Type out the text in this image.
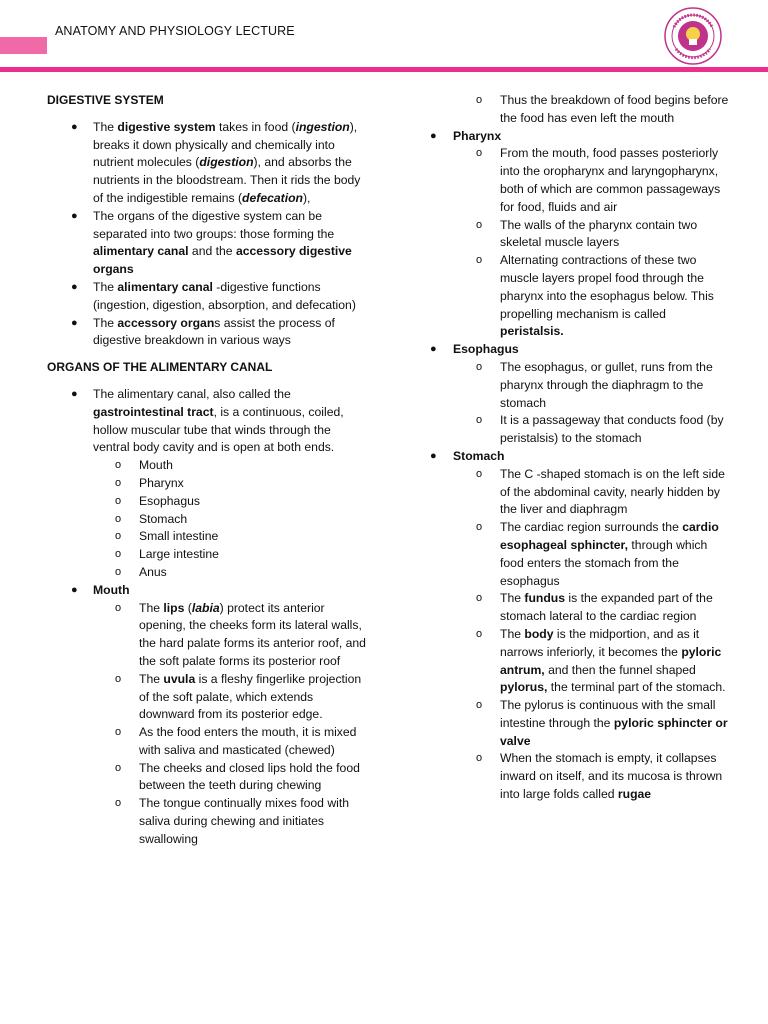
ANATOMY AND PHYSIOLOGY LECTURE

DIGESTIVE SYSTEM

● The digestive system takes in food (ingestion), breaks it down physically and chemically into nutrient molecules (digestion), and absorbs the nutrients in the bloodstream. Then it rids the body of the indigestible remains (defecation),
● The organs of the digestive system can be separated into two groups: those forming the alimentary canal and the accessory digestive organs
● The alimentary canal -digestive functions (ingestion, digestion, absorption, and defecation)
● The accessory organs assist the process of digestive breakdown in various ways

ORGANS OF THE ALIMENTARY CANAL

● The alimentary canal, also called the gastrointestinal tract, is a continuous, coiled, hollow muscular tube that winds through the ventral body cavity and is open at both ends.
o Mouth
o Pharynx
o Esophagus
o Stomach
o Small intestine
o Large intestine
o Anus
● Mouth
o The lips (labia) protect its anterior opening, the cheeks form its lateral walls, the hard palate forms its anterior roof, and the soft palate forms its posterior roof
o The uvula is a fleshy fingerlike projection of the soft palate, which extends downward from its posterior edge.
o As the food enters the mouth, it is mixed with saliva and masticated (chewed)
o The cheeks and closed lips hold the food between the teeth during chewing
o The tongue continually mixes food with saliva during chewing and initiates swallowing
o Thus the breakdown of food begins before the food has even left the mouth
● Pharynx
o From the mouth, food passes posteriorly into the oropharynx and laryngopharynx, both of which are common passageways for food, fluids and air
o The walls of the pharynx contain two skeletal muscle layers
o Alternating contractions of these two muscle layers propel food through the pharynx into the esophagus below. This propelling mechanism is called peristalsis.
● Esophagus
o The esophagus, or gullet, runs from the pharynx through the diaphragm to the stomach
o It is a passageway that conducts food (by peristalsis) to the stomach
● Stomach
o The C -shaped stomach is on the left side of the abdominal cavity, nearly hidden by the liver and diaphragm
o The cardiac region surrounds the cardio esophageal sphincter, through which food enters the stomach from the esophagus
o The fundus is the expanded part of the stomach lateral to the cardiac region
o The body is the midportion, and as it narrows inferiorly, it becomes the pyloric antrum, and then the funnel shaped pylorus, the terminal part of the stomach.
o The pylorus is continuous with the small intestine through the pyloric sphincter or valve
o When the stomach is empty, it collapses inward on itself, and its mucosa is thrown into large folds called rugae
